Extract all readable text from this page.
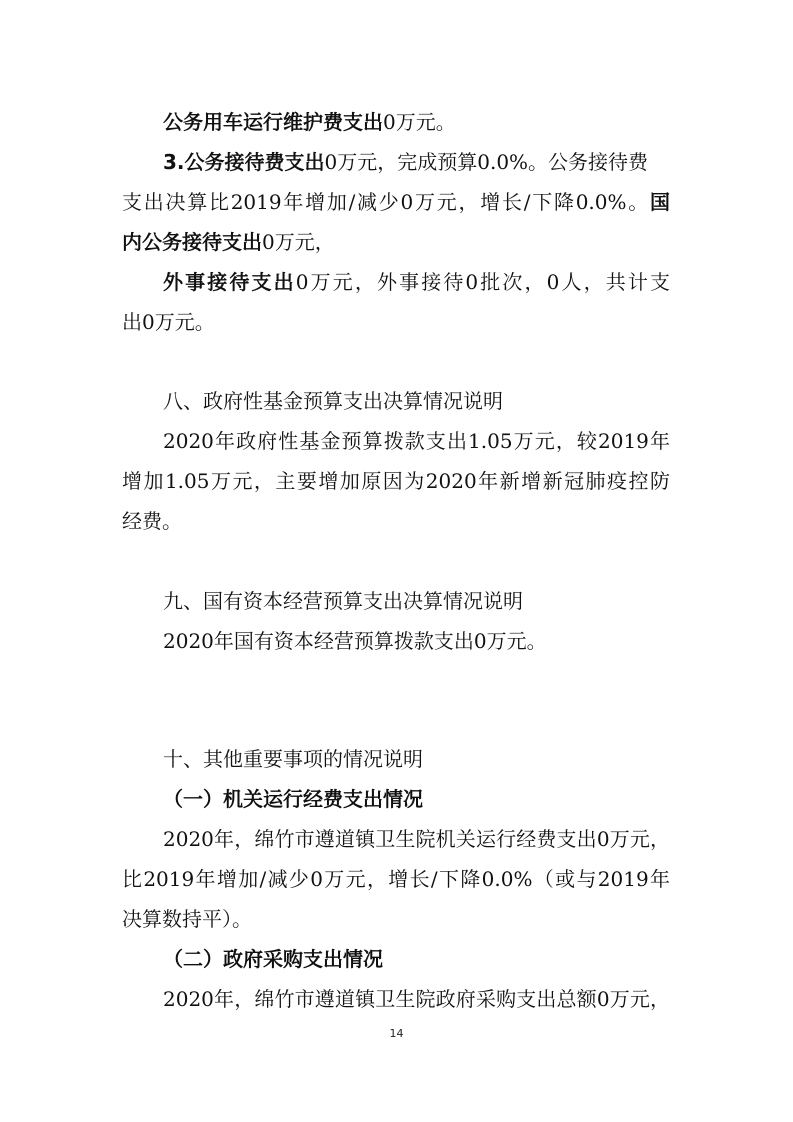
公务用车运行维护费支出0万元。
3.公务接待费支出0万元，完成预算0.0%。公务接待费
支出决算比2019年增加/减少0万元，增长/下降0.0%。国
内公务接待支出0万元，
外事接待支出0万元，外事接待0批次，0人，共计支
出0万元。
八、政府性基金预算支出决算情况说明
2020年政府性基金预算拨款支出1.05万元，较2019年
增加1.05万元，主要增加原因为2020年新增新冠肺疫控防
经费。
九、国有资本经营预算支出决算情况说明
2020年国有资本经营预算拨款支出0万元。
十、其他重要事项的情况说明
（一）机关运行经费支出情况
2020年，绵竹市遵道镇卫生院机关运行经费支出0万元，
比2019年增加/减少0万元，增长/下降0.0%（或与2019年
决算数持平）。
（二）政府采购支出情况
2020年，绵竹市遵道镇卫生院政府采购支出总额0万元，
14
